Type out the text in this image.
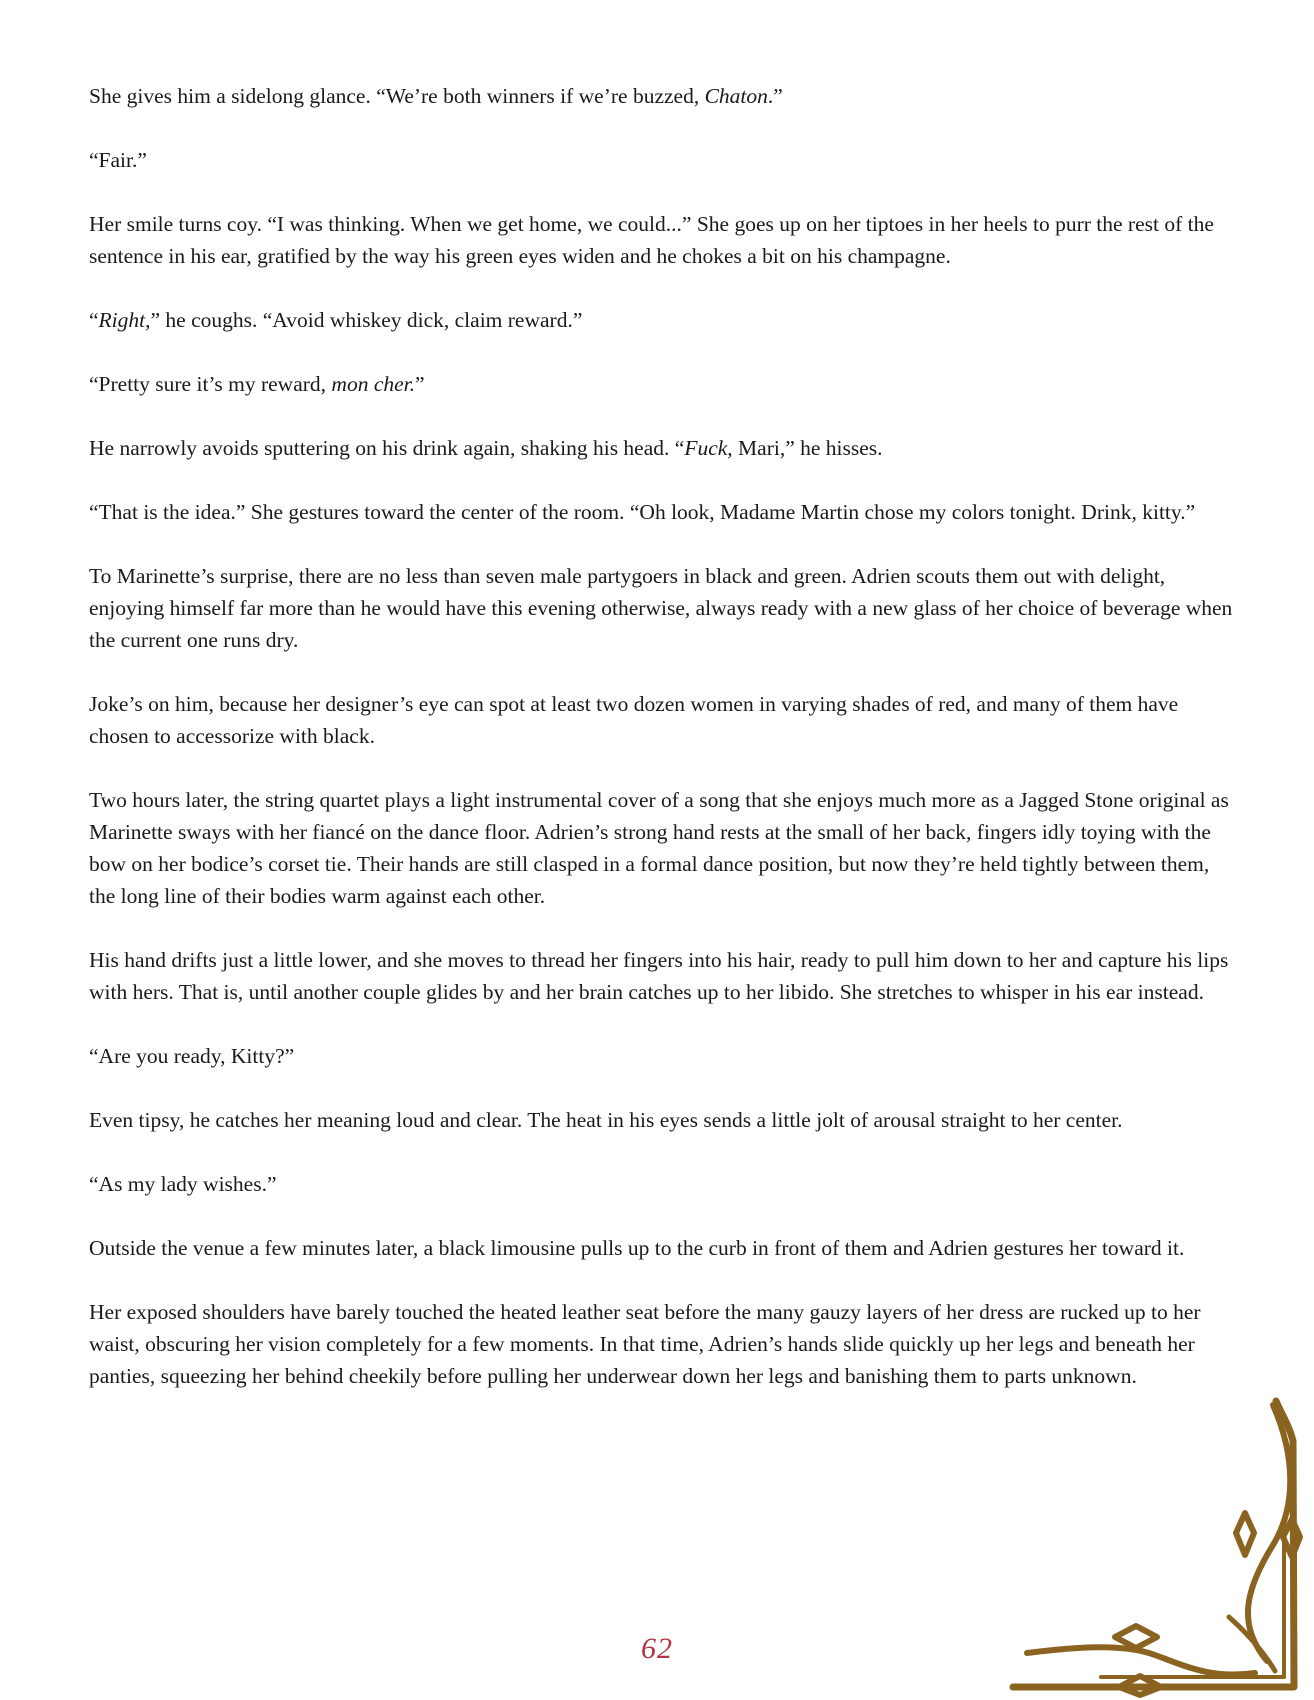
She gives him a sidelong glance. “We’re both winners if we’re buzzed, Chaton.”

“Fair.”

Her smile turns coy. “I was thinking. When we get home, we could...” She goes up on her tiptoes in her heels to purr the rest of the sentence in his ear, gratified by the way his green eyes widen and he chokes a bit on his champagne.

“Right,” he coughs. “Avoid whiskey dick, claim reward.”

“Pretty sure it’s my reward, mon cher.”

He narrowly avoids sputtering on his drink again, shaking his head. “Fuck, Mari,” he hisses.

“That is the idea.” She gestures toward the center of the room. “Oh look, Madame Martin chose my colors tonight. Drink, kitty.”

To Marinette’s surprise, there are no less than seven male partygoers in black and green. Adrien scouts them out with delight, enjoying himself far more than he would have this evening otherwise, always ready with a new glass of her choice of beverage when the current one runs dry.

Joke’s on him, because her designer’s eye can spot at least two dozen women in varying shades of red, and many of them have chosen to accessorize with black.

Two hours later, the string quartet plays a light instrumental cover of a song that she enjoys much more as a Jagged Stone original as Marinette sways with her fiancé on the dance floor. Adrien’s strong hand rests at the small of her back, fingers idly toying with the bow on her bodice’s corset tie. Their hands are still clasped in a formal dance position, but now they’re held tightly between them, the long line of their bodies warm against each other.

His hand drifts just a little lower, and she moves to thread her fingers into his hair, ready to pull him down to her and capture his lips with hers. That is, until another couple glides by and her brain catches up to her libido. She stretches to whisper in his ear instead.

“Are you ready, Kitty?”

Even tipsy, he catches her meaning loud and clear. The heat in his eyes sends a little jolt of arousal straight to her center.

“As my lady wishes.”

Outside the venue a few minutes later, a black limousine pulls up to the curb in front of them and Adrien gestures her toward it.

Her exposed shoulders have barely touched the heated leather seat before the many gauzy layers of her dress are rucked up to her waist, obscuring her vision completely for a few moments. In that time, Adrien’s hands slide quickly up her legs and beneath her panties, squeezing her behind cheekily before pulling her underwear down her legs and banishing them to parts unknown.

62
